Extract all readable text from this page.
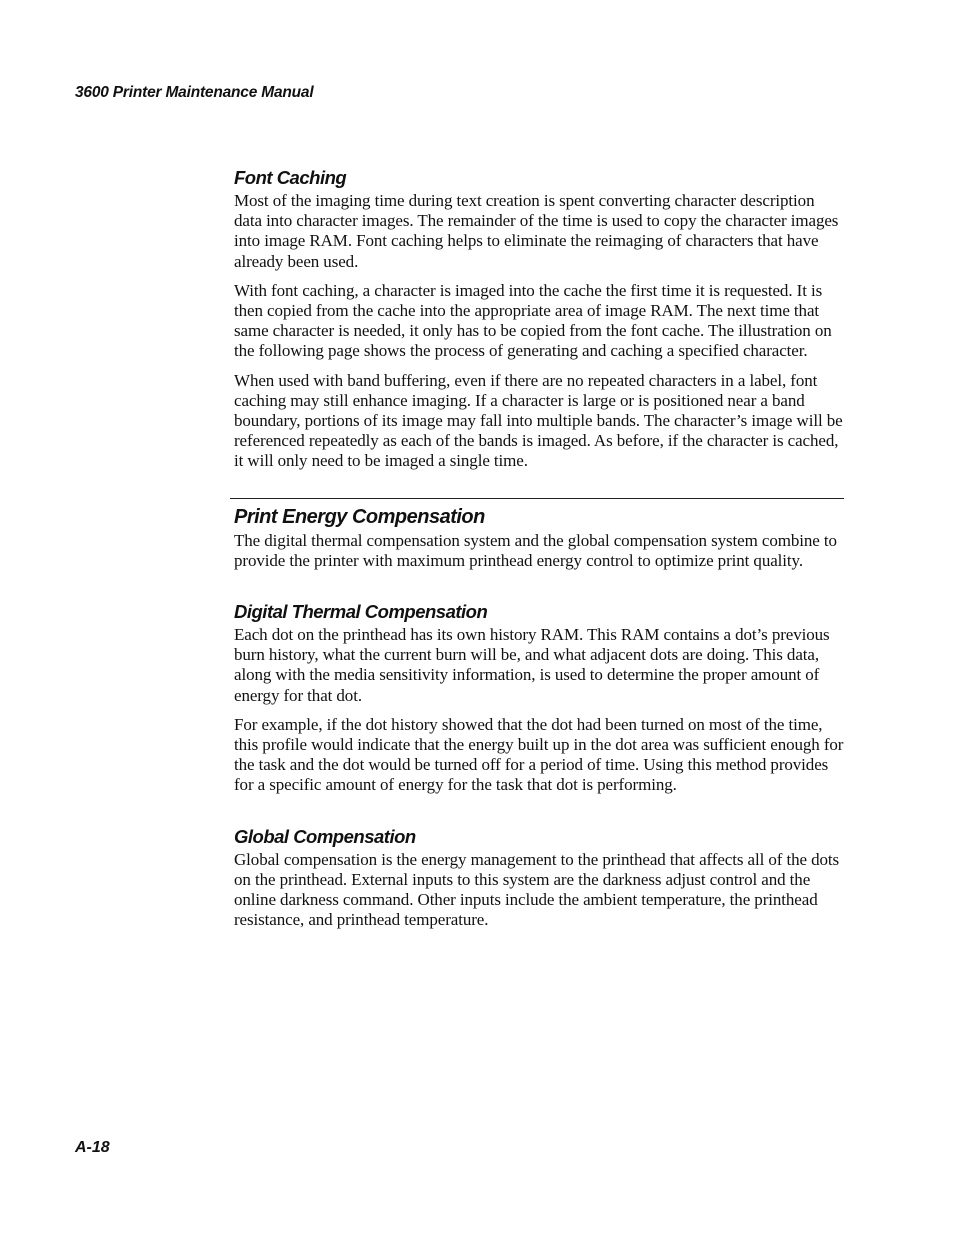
3600 Printer Maintenance Manual
Font Caching

Most of the imaging time during text creation is spent converting character description data into character images. The remainder of the time is used to copy the character images into image RAM. Font caching helps to eliminate the reimaging of characters that have already been used.

With font caching, a character is imaged into the cache the first time it is requested. It is then copied from the cache into the appropriate area of image RAM. The next time that same character is needed, it only has to be copied from the font cache. The illustration on the following page shows the process of generating and caching a specified character.

When used with band buffering, even if there are no repeated characters in a label, font caching may still enhance imaging. If a character is large or is positioned near a band boundary, portions of its image may fall into multiple bands. The character’s image will be referenced repeatedly as each of the bands is imaged. As before, if the character is cached, it will only need to be imaged a single time.

Print Energy Compensation

The digital thermal compensation system and the global compensation system combine to provide the printer with maximum printhead energy control to optimize print quality.

Digital Thermal Compensation

Each dot on the printhead has its own history RAM. This RAM contains a dot’s previous burn history, what the current burn will be, and what adjacent dots are doing. This data, along with the media sensitivity information, is used to determine the proper amount of energy for that dot.

For example, if the dot history showed that the dot had been turned on most of the time, this profile would indicate that the energy built up in the dot area was sufficient enough for the task and the dot would be turned off for a period of time. Using this method provides for a specific amount of energy for the task that dot is performing.

Global Compensation

Global compensation is the energy management to the printhead that affects all of the dots on the printhead. External inputs to this system are the darkness adjust control and the online darkness command. Other inputs include the ambient temperature, the printhead resistance, and printhead temperature.

A-18
